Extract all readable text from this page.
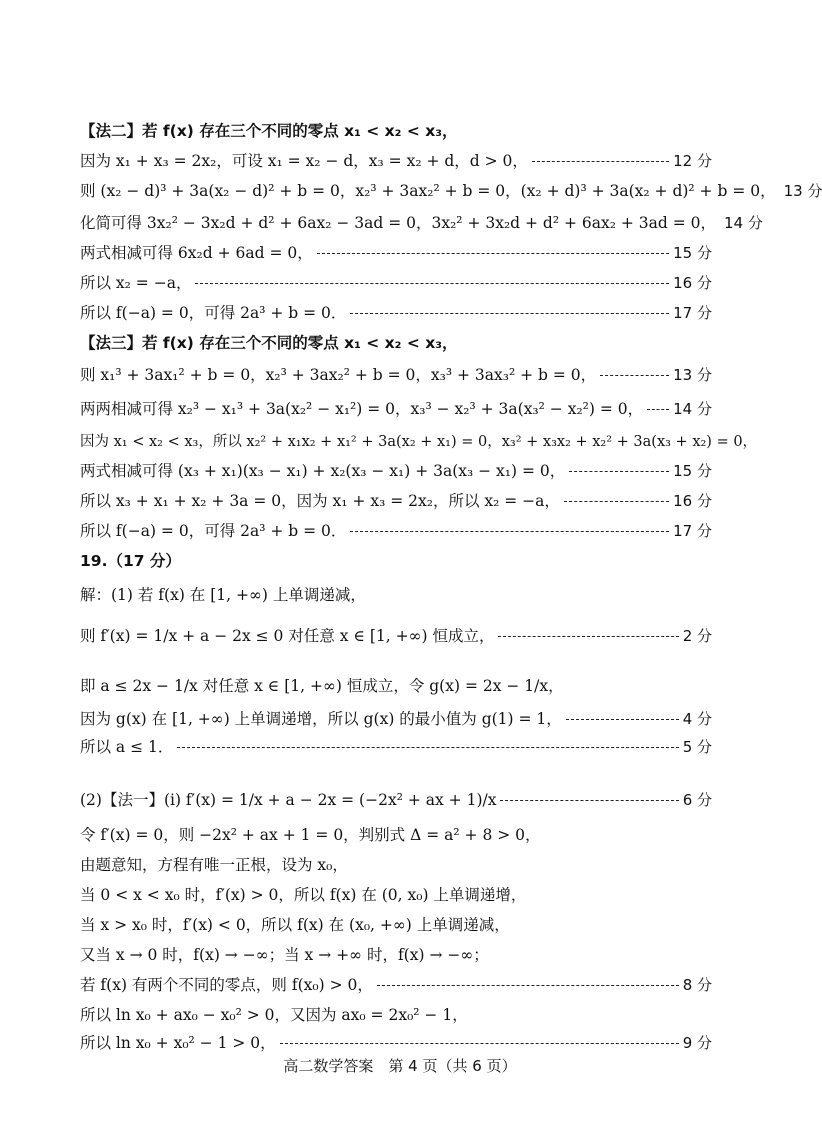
【法二】若 f(x) 存在三个不同的零点 x₁ < x₂ < x₃，
因为 x₁ + x₃ = 2x₂，可设 x₁ = x₂ − d，x₃ = x₂ + d，d > 0，	12 分
则 (x₂ − d)³ + 3a(x₂ − d)² + b = 0，x₂³ + 3ax₂² + b = 0，(x₂ + d)³ + 3a(x₂ + d)² + b = 0， 13 分
化简可得 3x₂² − 3x₂d + d² + 6ax₂ − 3ad = 0，3x₂² + 3x₂d + d² + 6ax₂ + 3ad = 0， 14 分
两式相减可得 6x₂d + 6ad = 0，	15 分
所以 x₂ = −a，	16 分
所以 f(−a) = 0，可得 2a³ + b = 0．	17 分
【法三】若 f(x) 存在三个不同的零点 x₁ < x₂ < x₃，
则 x₁³ + 3ax₁² + b = 0，x₂³ + 3ax₂² + b = 0，x₃³ + 3ax₃² + b = 0，	13 分
两两相减可得 x₂³ − x₁³ + 3a(x₂² − x₁²) = 0，x₃³ − x₂³ + 3a(x₃² − x₂²) = 0， 14 分
因为 x₁ < x₂ < x₃，所以 x₂² + x₁x₂ + x₁² + 3a(x₂ + x₁) = 0，x₃² + x₃x₂ + x₂² + 3a(x₃ + x₂) = 0，
两式相减可得 (x₃ + x₁)(x₃ − x₁) + x₂(x₃ − x₁) + 3a(x₃ − x₁) = 0，	15 分
所以 x₃ + x₁ + x₂ + 3a = 0，因为 x₁ + x₃ = 2x₂，所以 x₂ = −a，	16 分
所以 f(−a) = 0，可得 2a³ + b = 0．	17 分
19.（17 分）
解：(1) 若 f(x) 在 [1, +∞) 上单调递减，
则 f′(x) = 1/x + a − 2x ≤ 0 对任意 x ∈ [1, +∞) 恒成立，	2 分
即 a ≤ 2x − 1/x 对任意 x ∈ [1, +∞) 恒成立，令 g(x) = 2x − 1/x，
因为 g(x) 在 [1, +∞) 上单调递增，所以 g(x) 的最小值为 g(1) = 1，	4 分
所以 a ≤ 1．	5 分
(2)【法一】(i) f′(x) = 1/x + a − 2x = (−2x² + ax + 1)/x	6 分
令 f′(x) = 0，则 −2x² + ax + 1 = 0，判别式 Δ = a² + 8 > 0，
由题意知，方程有唯一正根，设为 x₀，
当 0 < x < x₀ 时，f′(x) > 0，所以 f(x) 在 (0, x₀) 上单调递增，
当 x > x₀ 时，f′(x) < 0，所以 f(x) 在 (x₀, +∞) 上单调递减，
又当 x → 0 时，f(x) → −∞；当 x → +∞ 时，f(x) → −∞；
若 f(x) 有两个不同的零点，则 f(x₀) > 0，	8 分
所以 ln x₀ + ax₀ − x₀² > 0，又因为 ax₀ = 2x₀² − 1，
所以 ln x₀ + x₀² − 1 > 0，	9 分
高二数学答案　第 4 页（共 6 页）
